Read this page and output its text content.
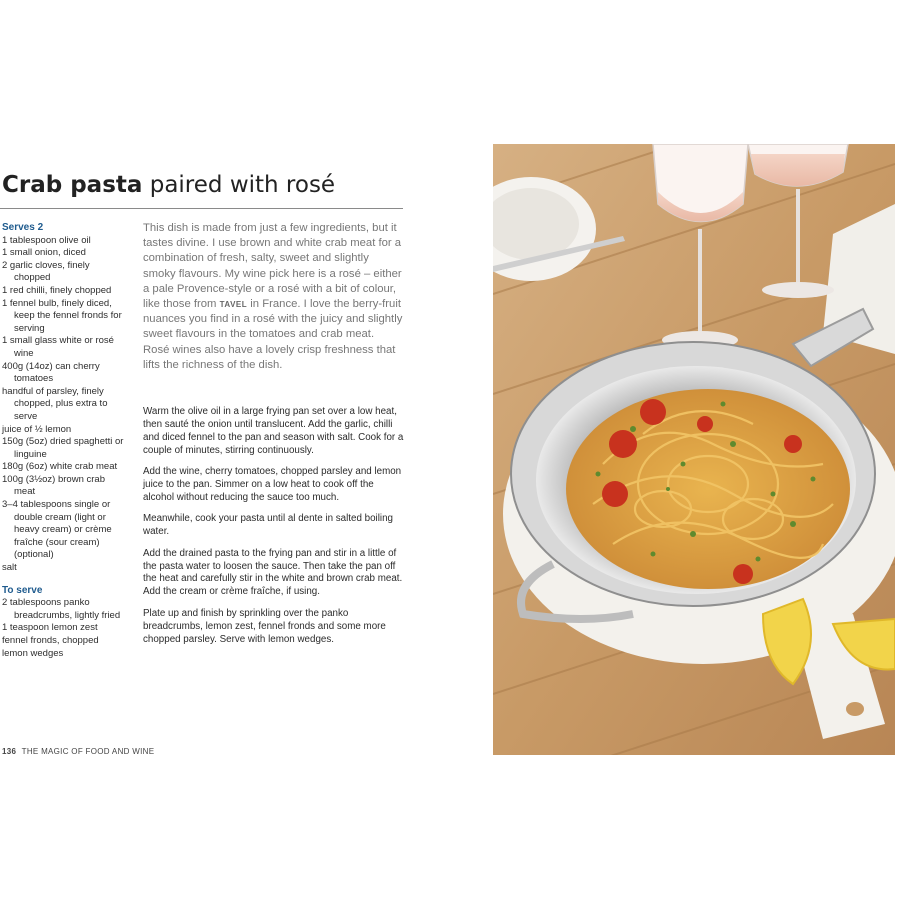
Crab pasta paired with rosé
Serves 2
1 tablespoon olive oil
1 small onion, diced
2 garlic cloves, finely chopped
1 red chilli, finely chopped
1 fennel bulb, finely diced, keep the fennel fronds for serving
1 small glass white or rosé wine
400g (14oz) can cherry tomatoes
handful of parsley, finely chopped, plus extra to serve
juice of ½ lemon
150g (5oz) dried spaghetti or linguine
180g (6oz) white crab meat
100g (3½oz) brown crab meat
3–4 tablespoons single or double cream (light or heavy cream) or crème fraîche (sour cream) (optional)
salt
To serve
2 tablespoons panko breadcrumbs, lightly fried
1 teaspoon lemon zest
fennel fronds, chopped
lemon wedges

This dish is made from just a few ingredients, but it tastes divine. I use brown and white crab meat for a combination of fresh, salty, sweet and slightly smoky flavours. My wine pick here is a rosé – either a pale Provence-style or a rosé with a bit of colour, like those from TAVEL in France. I love the berry-fruit nuances you find in a rosé with the juicy and slightly sweet flavours in the tomatoes and crab meat. Rosé wines also have a lovely crisp freshness that lifts the richness of the dish.

Warm the olive oil in a large frying pan set over a low heat, then sauté the onion until translucent. Add the garlic, chilli and diced fennel to the pan and season with salt. Cook for a couple of minutes, stirring continuously.

Add the wine, cherry tomatoes, chopped parsley and lemon juice to the pan. Simmer on a low heat to cook off the alcohol without reducing the sauce too much.

Meanwhile, cook your pasta until al dente in salted boiling water.

Add the drained pasta to the frying pan and stir in a little of the pasta water to loosen the sauce. Then take the pan off the heat and carefully stir in the white and brown crab meat. Add the cream or crème fraîche, if using.

Plate up and finish by sprinkling over the panko breadcrumbs, lemon zest, fennel fronds and some more chopped parsley. Serve with lemon wedges.

136 THE MAGIC OF FOOD AND WINE
